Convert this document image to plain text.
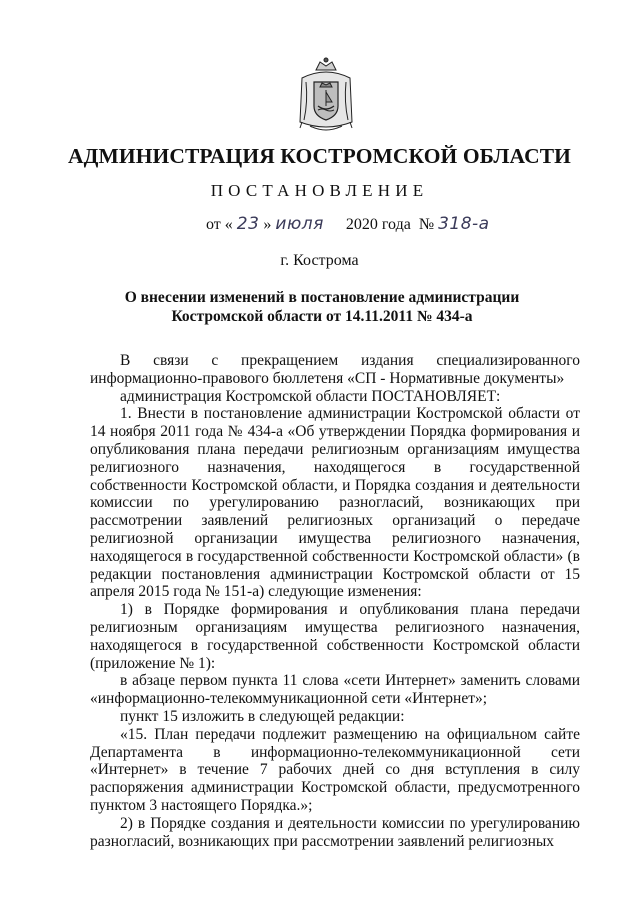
АДМИНИСТРАЦИЯ КОСТРОМСКОЙ ОБЛАСТИ
ПОСТАНОВЛЕНИЕ
от « 23 » июля 2020 года № 318-а
г. Кострома
О внесении изменений в постановление администрации
Костромской области от 14.11.2011 № 434-а

В связи с прекращением издания специализированного информационно-правового бюллетеня «СП - Нормативные документы»

администрация Костромской области ПОСТАНОВЛЯЕТ:

1. Внести в постановление администрации Костромской области от 14 ноября 2011 года № 434-а «Об утверждении Порядка формирования и опубликования плана передачи религиозным организациям имущества религиозного назначения, находящегося в государственной собственности Костромской области, и Порядка создания и деятельности комиссии по урегулированию разногласий, возникающих при рассмотрении заявлений религиозных организаций о передаче религиозной организации имущества религиозного назначения, находящегося в государственной собственности Костромской области» (в редакции постановления администрации Костромской области от 15 апреля 2015 года № 151-а) следующие изменения:

1) в Порядке формирования и опубликования плана передачи религиозным организациям имущества религиозного назначения, находящегося в государственной собственности Костромской области (приложение № 1):

в абзаце первом пункта 11 слова «сети Интернет» заменить словами «информационно-телекоммуникационной сети «Интернет»;

пункт 15 изложить в следующей редакции:

«15. План передачи подлежит размещению на официальном сайте Департамента в информационно-телекоммуникационной сети «Интернет» в течение 7 рабочих дней со дня вступления в силу распоряжения администрации Костромской области, предусмотренного пунктом 3 настоящего Порядка.»;

2) в Порядке создания и деятельности комиссии по урегулированию разногласий, возникающих при рассмотрении заявлений религиозных
